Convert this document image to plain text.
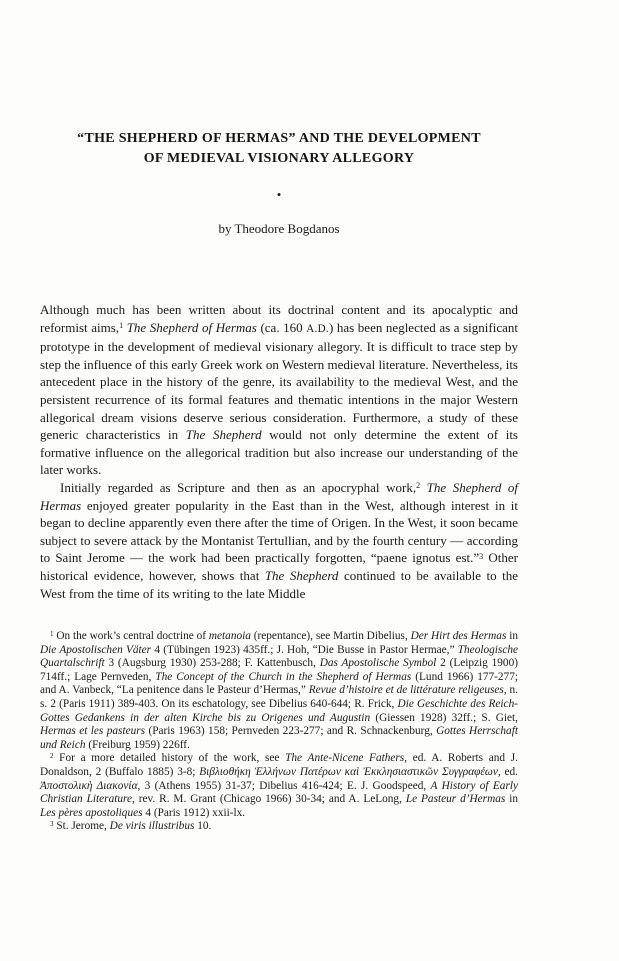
“THE SHEPHERD OF HERMAS” AND THE DEVELOPMENT
OF MEDIEVAL VISIONARY ALLEGORY
•
by Theodore Bogdanos

Although much has been written about its doctrinal content and its apocalyptic and reformist aims,$^1$ The Shepherd of Hermas (ca. 160 A.D.) has been neglected as a significant prototype in the development of medieval visionary allegory. It is difficult to trace step by step the influence of this early Greek work on Western medieval literature. Nevertheless, its antecedent place in the history of the genre, its availability to the medieval West, and the persistent recurrence of its formal features and thematic intentions in the major Western allegorical dream visions deserve serious consideration. Furthermore, a study of these generic characteristics in The Shepherd would not only determine the extent of its formative influence on the allegorical tradition but also increase our understanding of the later works.

Initially regarded as Scripture and then as an apocryphal work,$^2$ The Shepherd of Hermas enjoyed greater popularity in the East than in the West, although interest in it began to decline apparently even there after the time of Origen. In the West, it soon became subject to severe attack by the Montanist Tertullian, and by the fourth century — according to Saint Jerome — the work had been practically forgotten, “paene ignotus est.”$^3$ Other historical evidence, however, shows that The Shepherd continued to be available to the West from the time of its writing to the late Middle

$^1$ On the work’s central doctrine of metanoia (repentance), see Martin Dibelius, Der Hirt des Hermas in Die Apostolischen Väter 4 (Tübingen 1923) 435ff.; J. Hoh, “Die Busse in Pastor Hermae,” Theologische Quartalschrift 3 (Augsburg 1930) 253-288; F. Kattenbusch, Das Apostolische Symbol 2 (Leipzig 1900) 714ff.; Lage Pernveden, The Concept of the Church in the Shepherd of Hermas (Lund 1966) 177-277; and A. Vanbeck, “La penitence dans le Pasteur d’Hermas,” Revue d’histoire et de littérature religeuses, n. s. 2 (Paris 1911) 389-403. On its eschatology, see Dibelius 640-644; R. Frick, Die Geschichte des Reich-Gottes Gedankens in der alten Kirche bis zu Origenes und Augustin (Giessen 1928) 32ff.; S. Giet, Hermas et les pasteurs (Paris 1963) 158; Pernveden 223-277; and R. Schnackenburg, Gottes Herrschaft und Reich (Freiburg 1959) 226ff.

$^2$ For a more detailed history of the work, see The Ante-Nicene Fathers, ed. A. Roberts and J. Donaldson, 2 (Buffalo 1885) 3-8; Βιβλιοθήκη Ἑλλήνων Πατέρων καὶ Ἐκκλησιαστικῶν Συγγραφέων, ed. Ἀποστολικὴ Διακονία, 3 (Athens 1955) 31-37; Dibelius 416-424; E. J. Goodspeed, A History of Early Christian Literature, rev. R. M. Grant (Chicago 1966) 30-34; and A. LeLong, Le Pasteur d’Hermas in Les pères apostoliques 4 (Paris 1912) xxii-lx.

$^3$ St. Jerome, De viris illustribus 10.
